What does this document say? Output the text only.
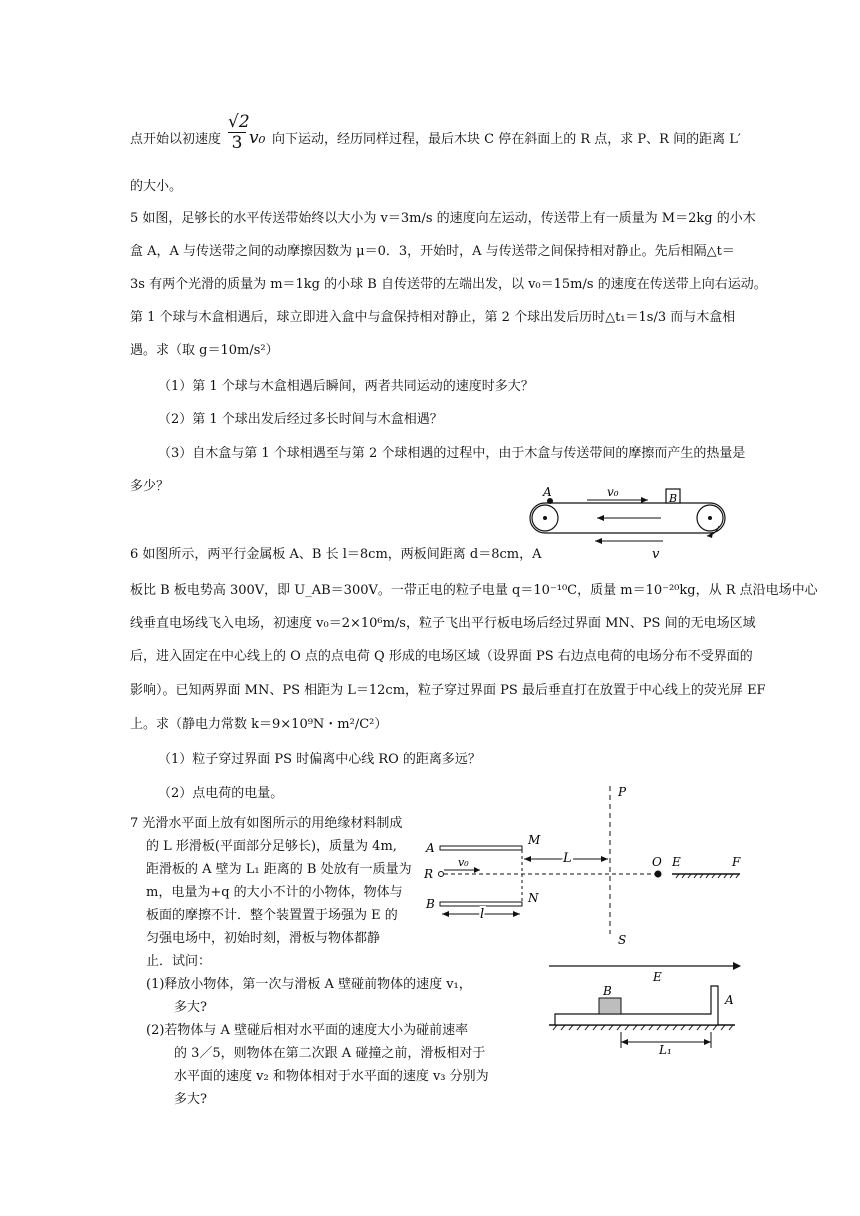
点开始以初速度 $\frac{√2}{3} v_0$ 向下运动，经历同样过程，最后木块 C 停在斜面上的 R 点，求 P、R 间的距离 L′
的大小。
5 如图，足够长的水平传送带始终以大小为 v＝3m/s 的速度向左运动，传送带上有一质量为 M＝2kg 的小木
盒 A，A 与传送带之间的动摩擦因数为 μ＝0．3，开始时，A 与传送带之间保持相对静止。先后相隔△t＝
3s 有两个光滑的质量为 m＝1kg 的小球 B 自传送带的左端出发，以 v₀＝15m/s 的速度在传送带上向右运动。
第 1 个球与木盒相遇后，球立即进入盒中与盒保持相对静止，第 2 个球出发后历时△t₁＝1s/3 而与木盒相
遇。求（取 g＝10m/s²）
（1）第 1 个球与木盒相遇后瞬间，两者共同运动的速度时多大？
（2）第 1 个球出发后经过多长时间与木盒相遇？
（3）自木盒与第 1 个球相遇至与第 2 个球相遇的过程中，由于木盒与传送带间的摩擦而产生的热量是
多少？	A	v₀	B
v
6 如图所示，两平行金属板 A、B 长 l＝8cm，两板间距离 d＝8cm，A
板比 B 板电势高 300V，即 U_AB＝300V。一带正电的粒子电量 q＝10⁻¹⁰C，质量 m＝10⁻²⁰kg，从 R 点沿电场中心
线垂直电场线飞入电场，初速度 v₀＝2×10⁶m/s，粒子飞出平行板电场后经过界面 MN、PS 间的无电场区域
后，进入固定在中心线上的 O 点的点电荷 Q 形成的电场区域（设界面 PS 右边点电荷的电场分布不受界面的
影响）。已知两界面 MN、PS 相距为 L＝12cm，粒子穿过界面 PS 最后垂直打在放置于中心线上的荧光屏 EF
上。求（静电力常数 k＝9×10⁹N・m²/C²）
（1）粒子穿过界面 PS 时偏离中心线 RO 的距离多远？
（2）点电荷的电量。	P
S
A
B
M
N
R
v₀	L
l
O E	F
7 光滑水平面上放有如图所示的用绝缘材料制成
的 L 形滑板(平面部分足够长)，质量为 4m,
距滑板的 A 壁为 L₁ 距离的 B 处放有一质量为
m，电量为+q 的大小不计的小物体，物体与
板面的摩擦不计．整个装置置于场强为 E 的
匀强电场中，初始时刻，滑板与物体都静
止．试问：
(1)释放小物体，第一次与滑板 A 壁碰前物体的速度 v₁，
多大?
(2)若物体与 A 壁碰后相对水平面的速度大小为碰前速率
的 3／5，则物体在第二次跟 A 碰撞之前，滑板相对于
水平面的速度 v₂ 和物体相对于水平面的速度 v₃ 分别为
多大?
E
A
B
L₁
